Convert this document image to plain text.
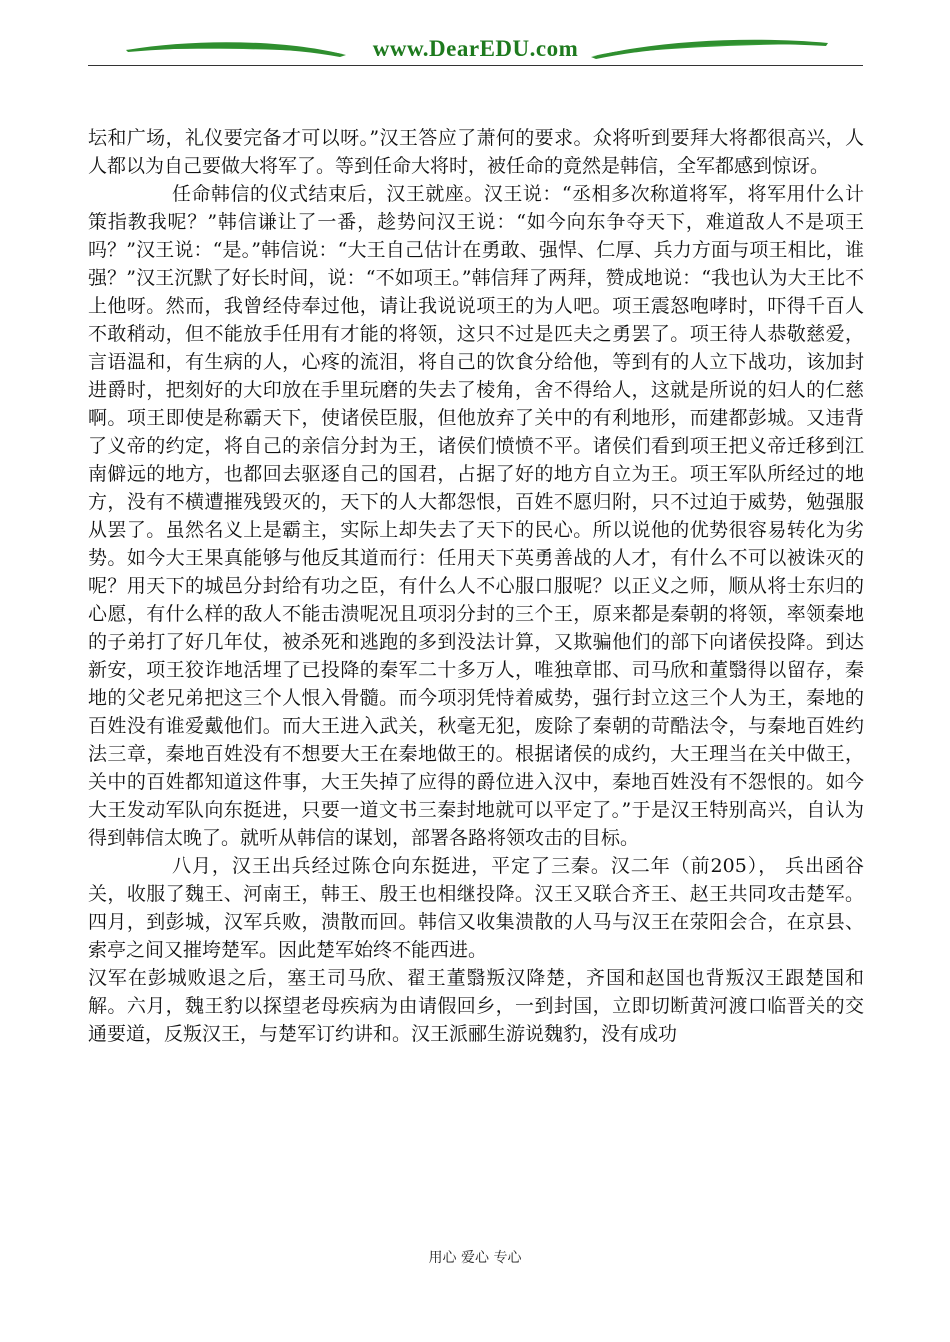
www.DearEDU.com

坛和广场，礼仪要完备才可以呀。”汉王答应了萧何的要求。众将听到要拜大将都很高兴，人人都以为自己要做大将军了。等到任命大将时，被任命的竟然是韩信，全军都感到惊讶。

任命韩信的仪式结束后，汉王就座。汉王说：“丞相多次称道将军，将军用什么计策指教我呢？”韩信谦让了一番，趁势问汉王说：“如今向东争夺天下，难道敌人不是项王吗？”汉王说：“是。”韩信说：“大王自己估计在勇敢、强悍、仁厚、兵力方面与项王相比，谁强？”汉王沉默了好长时间，说：“不如项王。”韩信拜了两拜，赞成地说：“我也认为大王比不上他呀。然而，我曾经侍奉过他，请让我说说项王的为人吧。项王震怒咆哮时，吓得千百人不敢稍动，但不能放手任用有才能的将领，这只不过是匹夫之勇罢了。项王待人恭敬慈爱，言语温和，有生病的人，心疼的流泪，将自己的饮食分给他，等到有的人立下战功，该加封进爵时，把刻好的大印放在手里玩磨的失去了棱角，舍不得给人，这就是所说的妇人的仁慈啊。项王即使是称霸天下，使诸侯臣服，但他放弃了关中的有利地形，而建都彭城。又违背了义帝的约定，将自己的亲信分封为王，诸侯们愤愤不平。诸侯们看到项王把义帝迁移到江南僻远的地方，也都回去驱逐自己的国君，占据了好的地方自立为王。项王军队所经过的地方，没有不横遭摧残毁灭的，天下的人大都怨恨，百姓不愿归附，只不过迫于威势，勉强服从罢了。虽然名义上是霸主，实际上却失去了天下的民心。所以说他的优势很容易转化为劣势。如今大王果真能够与他反其道而行：任用天下英勇善战的人才，有什么不可以被诛灭的呢？用天下的城邑分封给有功之臣，有什么人不心服口服呢？以正义之师，顺从将士东归的心愿，有什么样的敌人不能击溃呢况且项羽分封的三个王，原来都是秦朝的将领，率领秦地的子弟打了好几年仗，被杀死和逃跑的多到没法计算，又欺骗他们的部下向诸侯投降。到达新安，项王狡诈地活埋了已投降的秦军二十多万人，唯独章邯、司马欣和董翳得以留存，秦地的父老兄弟把这三个人恨入骨髓。而今项羽凭恃着威势，强行封立这三个人为王，秦地的百姓没有谁爱戴他们。而大王进入武关，秋毫无犯，废除了秦朝的苛酷法令，与秦地百姓约法三章，秦地百姓没有不想要大王在秦地做王的。根据诸侯的成约，大王理当在关中做王，关中的百姓都知道这件事，大王失掉了应得的爵位进入汉中，秦地百姓没有不怨恨的。如今大王发动军队向东挺进，只要一道文书三秦封地就可以平定了。”于是汉王特别高兴，自认为得到韩信太晚了。就听从韩信的谋划，部署各路将领攻击的目标。

八月，汉王出兵经过陈仓向东挺进，平定了三秦。汉二年（前205）， 兵出函谷关，收服了魏王、河南王，韩王、殷王也相继投降。汉王又联合齐王、赵王共同攻击楚军。四月，到彭城，汉军兵败，溃散而回。韩信又收集溃散的人马与汉王在荥阳会合，在京县、索亭之间又摧垮楚军。因此楚军始终不能西进。

汉军在彭城败退之后，塞王司马欣、翟王董翳叛汉降楚，齐国和赵国也背叛汉王跟楚国和解。六月，魏王豹以探望老母疾病为由请假回乡，一到封国，立即切断黄河渡口临晋关的交通要道，反叛汉王，与楚军订约讲和。汉王派郦生游说魏豹，没有成功

用心 爱心 专心
